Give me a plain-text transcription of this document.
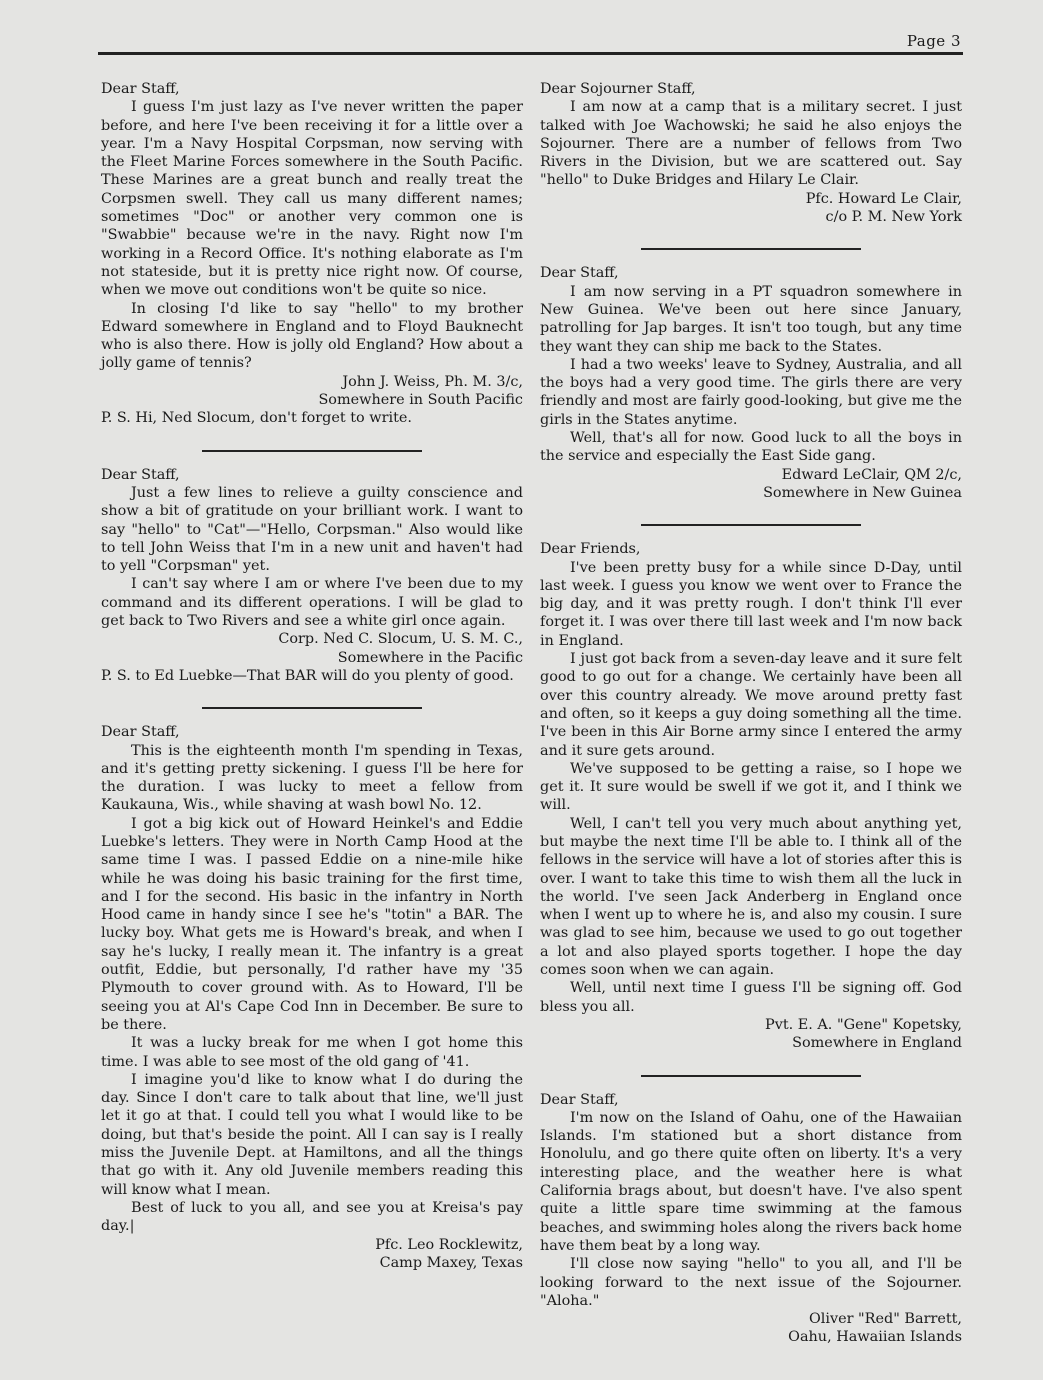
Page 3

Dear Staff,

I guess I'm just lazy as I've never written the paper before, and here I've been receiving it for a little over a year. I'm a Navy Hospital Corpsman, now serving with the Fleet Marine Forces somewhere in the South Pacific. These Marines are a great bunch and really treat the Corpsmen swell. They call us many different names; sometimes "Doc" or another very common one is "Swabbie" because we're in the navy. Right now I'm working in a Record Office. It's nothing elaborate as I'm not stateside, but it is pretty nice right now. Of course, when we move out conditions won't be quite so nice.

In closing I'd like to say "hello" to my brother Edward somewhere in England and to Floyd Bauknecht who is also there. How is jolly old England? How about a jolly game of tennis?

John J. Weiss, Ph. M. 3/c,

Somewhere in South Pacific

P. S. Hi, Ned Slocum, don't forget to write.

Dear Staff,

Just a few lines to relieve a guilty conscience and show a bit of gratitude on your brilliant work. I want to say "hello" to "Cat"—"Hello, Corpsman." Also would like to tell John Weiss that I'm in a new unit and haven't had to yell "Corpsman" yet.

I can't say where I am or where I've been due to my command and its different operations. I will be glad to get back to Two Rivers and see a white girl once again.

Corp. Ned C. Slocum, U. S. M. C.,

Somewhere in the Pacific

P. S. to Ed Luebke—That BAR will do you plenty of good.

Dear Staff,

This is the eighteenth month I'm spending in Texas, and it's getting pretty sickening. I guess I'll be here for the duration. I was lucky to meet a fellow from Kaukauna, Wis., while shaving at wash bowl No. 12.

I got a big kick out of Howard Heinkel's and Eddie Luebke's letters. They were in North Camp Hood at the same time I was. I passed Eddie on a nine-mile hike while he was doing his basic training for the first time, and I for the second. His basic in the infantry in North Hood came in handy since I see he's "totin" a BAR. The lucky boy. What gets me is Howard's break, and when I say he's lucky, I really mean it. The infantry is a great outfit, Eddie, but personally, I'd rather have my '35 Plymouth to cover ground with. As to Howard, I'll be seeing you at Al's Cape Cod Inn in December. Be sure to be there.

It was a lucky break for me when I got home this time. I was able to see most of the old gang of '41.

I imagine you'd like to know what I do during the day. Since I don't care to talk about that line, we'll just let it go at that. I could tell you what I would like to be doing, but that's beside the point. All I can say is I really miss the Juvenile Dept. at Hamiltons, and all the things that go with it. Any old Juvenile members reading this will know what I mean.

Best of luck to you all, and see you at Kreisa's pay day.|

Pfc. Leo Rocklewitz,

Camp Maxey, Texas

Dear Sojourner Staff,

I am now at a camp that is a military secret. I just talked with Joe Wachowski; he said he also enjoys the Sojourner. There are a number of fellows from Two Rivers in the Division, but we are scattered out. Say "hello" to Duke Bridges and Hilary Le Clair.

Pfc. Howard Le Clair,

c/o P. M. New York

Dear Staff,

I am now serving in a PT squadron somewhere in New Guinea. We've been out here since January, patrolling for Jap barges. It isn't too tough, but any time they want they can ship me back to the States.

I had a two weeks' leave to Sydney, Australia, and all the boys had a very good time. The girls there are very friendly and most are fairly good-looking, but give me the girls in the States anytime.

Well, that's all for now. Good luck to all the boys in the service and especially the East Side gang.

Edward LeClair, QM 2/c,

Somewhere in New Guinea

Dear Friends,

I've been pretty busy for a while since D-Day, until last week. I guess you know we went over to France the big day, and it was pretty rough. I don't think I'll ever forget it. I was over there till last week and I'm now back in England.

I just got back from a seven-day leave and it sure felt good to go out for a change. We certainly have been all over this country already. We move around pretty fast and often, so it keeps a guy doing something all the time. I've been in this Air Borne army since I entered the army and it sure gets around.

We've supposed to be getting a raise, so I hope we get it. It sure would be swell if we got it, and I think we will.

Well, I can't tell you very much about anything yet, but maybe the next time I'll be able to. I think all of the fellows in the service will have a lot of stories after this is over. I want to take this time to wish them all the luck in the world. I've seen Jack Anderberg in England once when I went up to where he is, and also my cousin. I sure was glad to see him, because we used to go out together a lot and also played sports together. I hope the day comes soon when we can again.

Well, until next time I guess I'll be signing off. God bless you all.

Pvt. E. A. "Gene" Kopetsky,

Somewhere in England

Dear Staff,

I'm now on the Island of Oahu, one of the Hawaiian Islands. I'm stationed but a short distance from Honolulu, and go there quite often on liberty. It's a very interesting place, and the weather here is what California brags about, but doesn't have. I've also spent quite a little spare time swimming at the famous beaches, and swimming holes along the rivers back home have them beat by a long way.

I'll close now saying "hello" to you all, and I'll be looking forward to the next issue of the Sojourner. "Aloha."

Oliver "Red" Barrett,

Oahu, Hawaiian Islands
